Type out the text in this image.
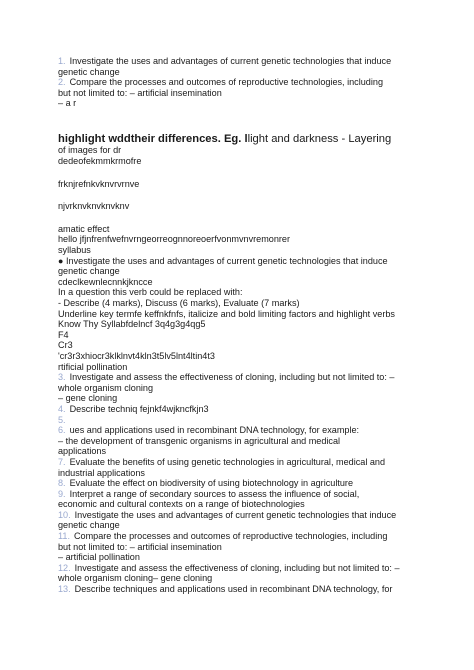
1. Investigate the uses and advantages of current genetic technologies that induce
genetic change
2. Compare the processes and outcomes of reproductive technologies, including
but not limited to: – artificial insemination
– a r
highlight wddtheir differences. Eg. llight and darkness - Layering
of images for dr
dedeofekmmkrmofre
frknjrefnkvknvrvrnve
njvrknvknvknvknv
amatic effect
hello jfjnfrenfwefnvrngeorreognnoreoerfvonmvnvremonrer
syllabus
● Investigate the uses and advantages of current genetic technologies that induce
genetic change
cdeclkewnlecnnkjkncce
In a question this verb could be replaced with:
- Describe (4 marks), Discuss (6 marks), Evaluate (7 marks)
Underline key termfe keffnkfnfs, italicize and bold limiting factors and highlight verbs
Know Thy Syllabfdelncf 3q4g3g4qg5
F4
Cr3
'cr3r3xhiocr3klklnvt4kln3t5lv5lnt4ltin4t3
rtificial pollination
3. Investigate and assess the effectiveness of cloning, including but not limited to: –
whole organism cloning
– gene cloning
4. Describe techniq fejnkf4wjkncfkjn3
5.
6. ues and applications used in recombinant DNA technology, for example:
– the development of transgenic organisms in agricultural and medical
applications
7. Evaluate the benefits of using genetic technologies in agricultural, medical and
industrial applications
8. Evaluate the effect on biodiversity of using biotechnology in agriculture
9. Interpret a range of secondary sources to assess the influence of social,
economic and cultural contexts on a range of biotechnologies
10. Investigate the uses and advantages of current genetic technologies that induce
genetic change
11. Compare the processes and outcomes of reproductive technologies, including
but not limited to: – artificial insemination
– artificial pollination
12. Investigate and assess the effectiveness of cloning, including but not limited to: –
whole organism cloning– gene cloning
13. Describe techniques and applications used in recombinant DNA technology, for
